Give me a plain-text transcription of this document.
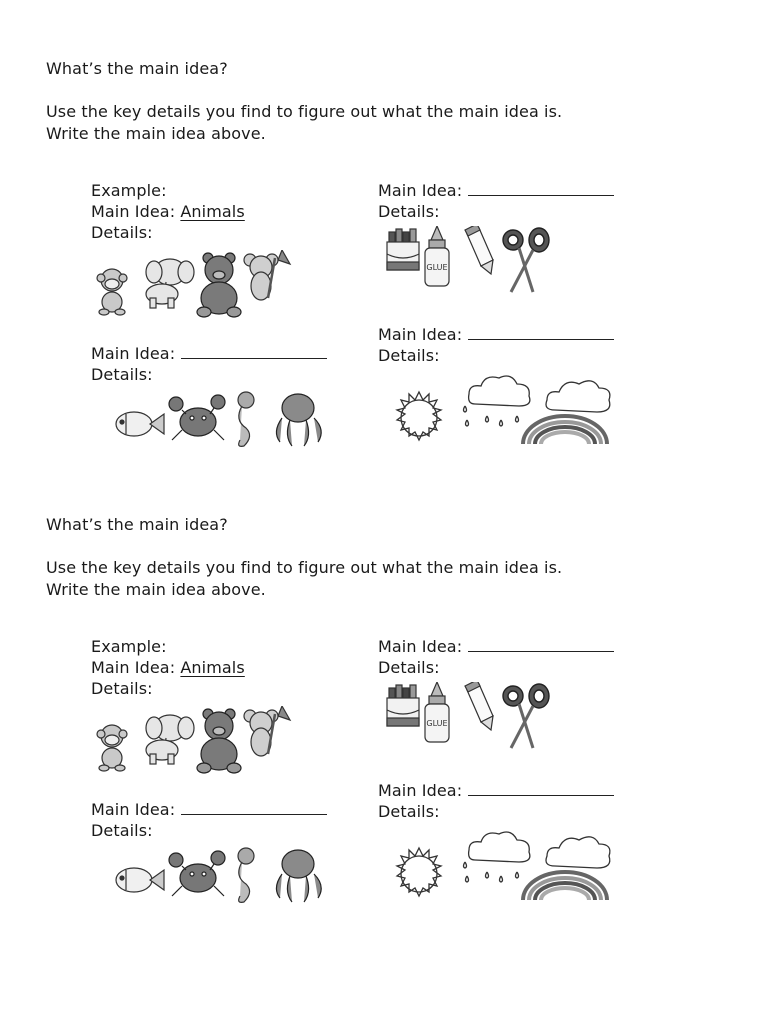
What’s the main idea?
Use the key details you find to figure out what the main idea is.
Write the main idea above.
Example:
Main Idea: Animals
Details:
Main Idea:
Details:
GLUE
Main Idea:
Details:
Main Idea:
Details:
What’s the main idea?
Use the key details you find to figure out what the main idea is.
Write the main idea above.
Example:
Main Idea: Animals
Details:
Main Idea:
Details:
GLUE
Main Idea:
Details:
Main Idea:
Details:
